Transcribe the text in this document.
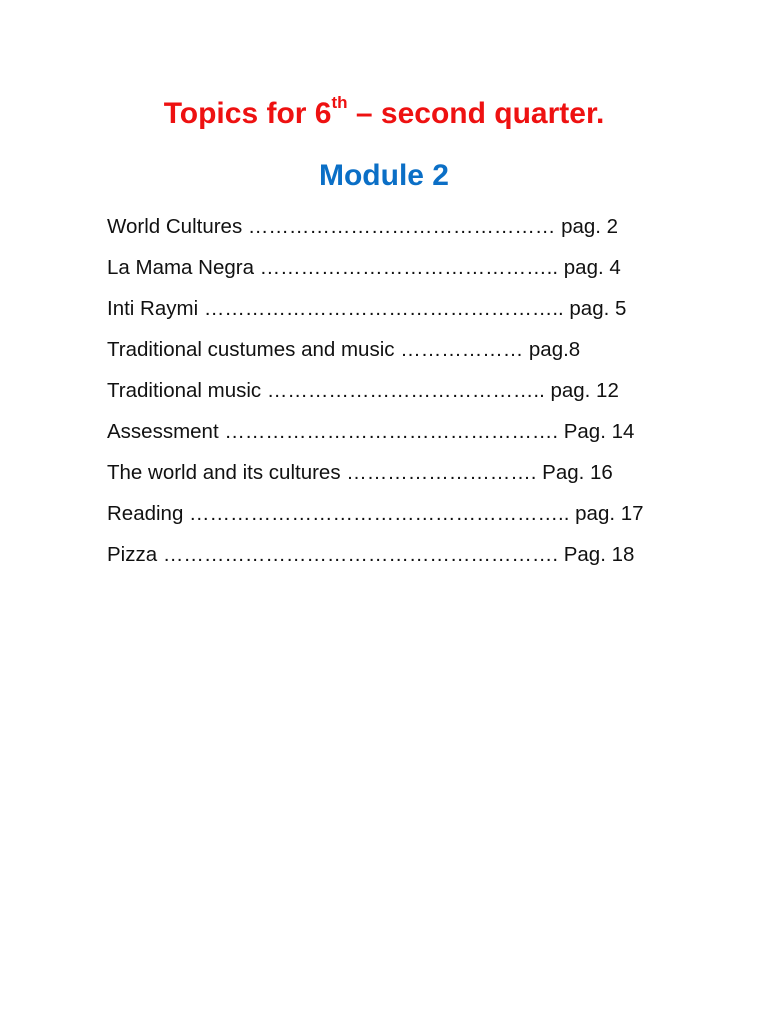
Topics for 6th – second quarter.
Module 2
World Cultures ……………………………………… pag. 2
La Mama Negra …………………………………….. pag. 4
Inti Raymi …………………………………………….. pag. 5
Traditional custumes and music ……………… pag.8
Traditional music ………………………………….. pag. 12
Assessment …………………………………………. Pag. 14
The world and its cultures ………………………. Pag. 16
Reading ……………………………………………….. pag. 17
Pizza …………………………………………………. Pag. 18
